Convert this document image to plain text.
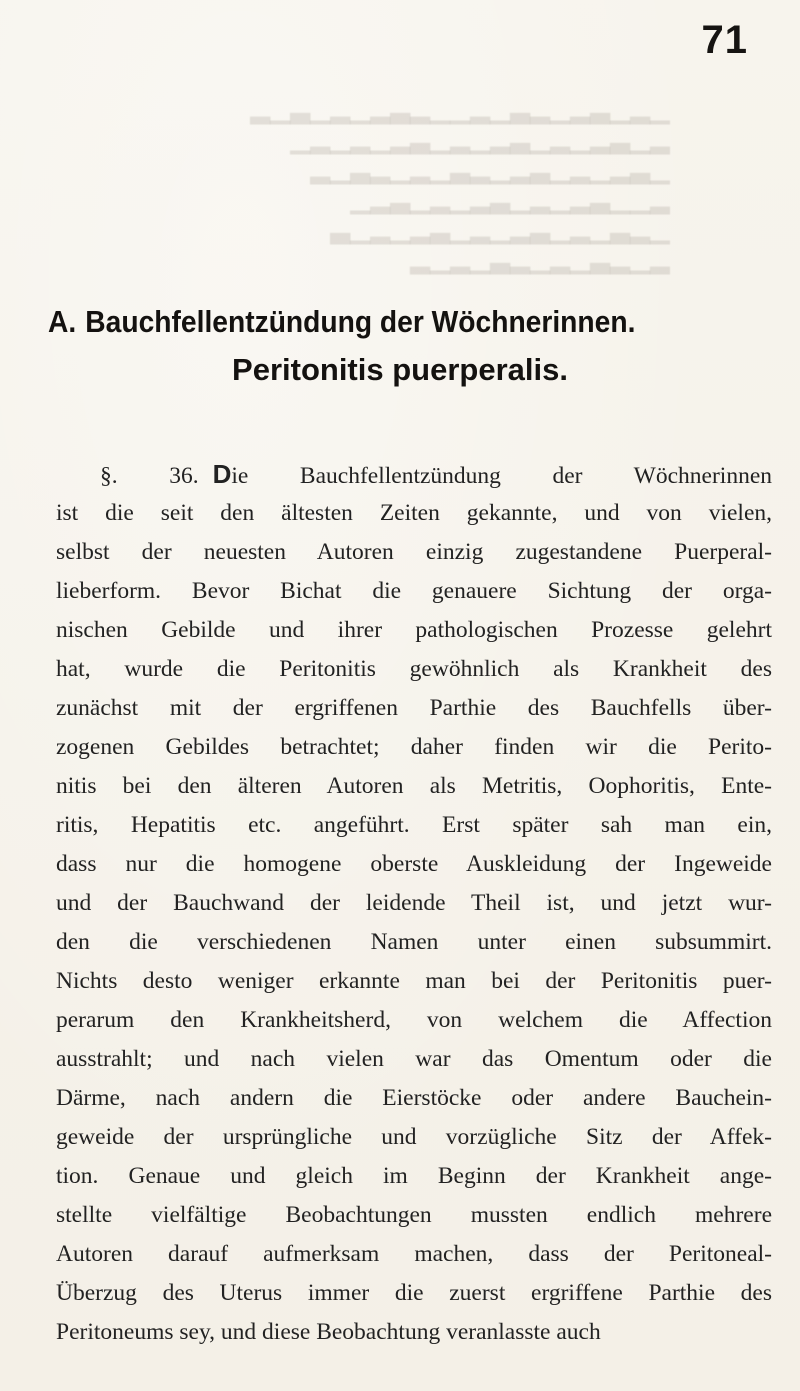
▁▂▁▃▂▁▂▃▁▂▁▁▂▃▂▁▂▁▃▁▂
▂▁▃▂▁▂▁▃▂▁▂▁▃▂▁▂▁▂▁
▁▃▂▁▂▁▃▂▁▂▃▁▂▁▂▃▁▂
▂▁▁▃▂▁▂▁▃▂▁▂▁▃▂▁
▁▂▃▁▂▁▃▂▁▂▁▃▂▁▂▁▃
▂▁▂▃▁▂▁▂▃▁▂▁▂
71
A. Bauchfellentzündung der Wöchnerinnen.
Peritonitis puerperalis.
§. 36. Die Bauchfellentzündung der Wöchnerinnen
ist die seit den ältesten Zeiten gekannte, und von vielen,
selbst der neuesten Autoren einzig zugestandene Puerperal-
lieberform. Bevor Bichat die genauere Sichtung der orga-
nischen Gebilde und ihrer pathologischen Prozesse gelehrt
hat, wurde die Peritonitis gewöhnlich als Krankheit des
zunächst mit der ergriffenen Parthie des Bauchfells über-
zogenen Gebildes betrachtet; daher finden wir die Perito-
nitis bei den älteren Autoren als Metritis, Oophoritis, Ente-
ritis, Hepatitis etc. angeführt. Erst später sah man ein,
dass nur die homogene oberste Auskleidung der Ingeweide
und der Bauchwand der leidende Theil ist, und jetzt wur-
den die verschiedenen Namen unter einen subsummirt.
Nichts desto weniger erkannte man bei der Peritonitis puer-
perarum den Krankheitsherd, von welchem die Affection
ausstrahlt; und nach vielen war das Omentum oder die
Därme, nach andern die Eierstöcke oder andere Bauchein-
geweide der ursprüngliche und vorzügliche Sitz der Affek-
tion. Genaue und gleich im Beginn der Krankheit ange-
stellte vielfältige Beobachtungen mussten endlich mehrere
Autoren darauf aufmerksam machen, dass der Peritoneal-
Überzug des Uterus immer die zuerst ergriffene Parthie des
Peritoneums sey, und diese Beobachtung veranlasste auch
